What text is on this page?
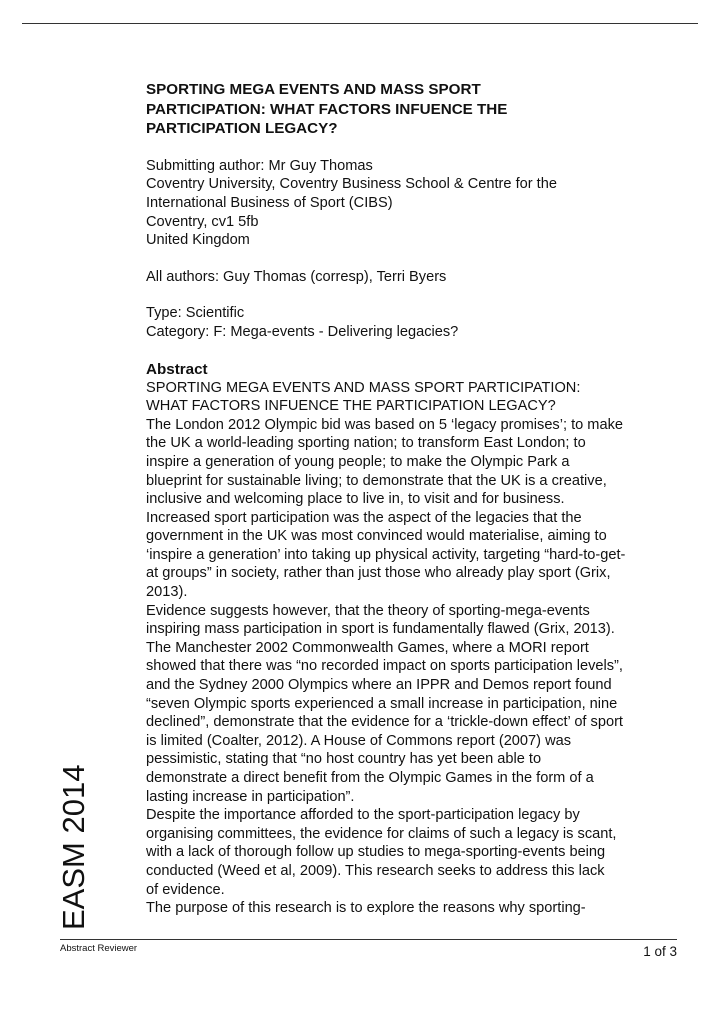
SPORTING MEGA EVENTS AND MASS SPORT
PARTICIPATION: WHAT FACTORS INFUENCE THE
PARTICIPATION LEGACY?
Submitting author: Mr Guy Thomas
Coventry University, Coventry Business School & Centre for the
International Business of Sport (CIBS)
Coventry, cv1 5fb
United Kingdom
All authors: Guy Thomas (corresp), Terri Byers
Type: Scientific
Category: F: Mega-events - Delivering legacies?
Abstract
SPORTING MEGA EVENTS AND MASS SPORT PARTICIPATION:
WHAT FACTORS INFUENCE THE PARTICIPATION LEGACY?
The London 2012 Olympic bid was based on 5 ‘legacy promises’; to make
the UK a world-leading sporting nation; to transform East London; to
inspire a generation of young people; to make the Olympic Park a
blueprint for sustainable living; to demonstrate that the UK is a creative,
inclusive and welcoming place to live in, to visit and for business.
Increased sport participation was the aspect of the legacies that the
government in the UK was most convinced would materialise, aiming to
‘inspire a generation’ into taking up physical activity, targeting “hard-to-get-
at groups” in society, rather than just those who already play sport (Grix,
2013).
Evidence suggests however, that the theory of sporting-mega-events
inspiring mass participation in sport is fundamentally flawed (Grix, 2013).
The Manchester 2002 Commonwealth Games, where a MORI report
showed that there was “no recorded impact on sports participation levels”,
and the Sydney 2000 Olympics where an IPPR and Demos report found
“seven Olympic sports experienced a small increase in participation, nine
declined”, demonstrate that the evidence for a ‘trickle-down effect’ of sport
is limited (Coalter, 2012). A House of Commons report (2007) was
pessimistic, stating that “no host country has yet been able to
demonstrate a direct benefit from the Olympic Games in the form of a
lasting increase in participation”.
Despite the importance afforded to the sport-participation legacy by
organising committees, the evidence for claims of such a legacy is scant,
with a lack of thorough follow up studies to mega-sporting-events being
conducted (Weed et al, 2009). This research seeks to address this lack
of evidence.
The purpose of this research is to explore the reasons why sporting-
EASM 2014
Abstract Reviewer	1 of 3
